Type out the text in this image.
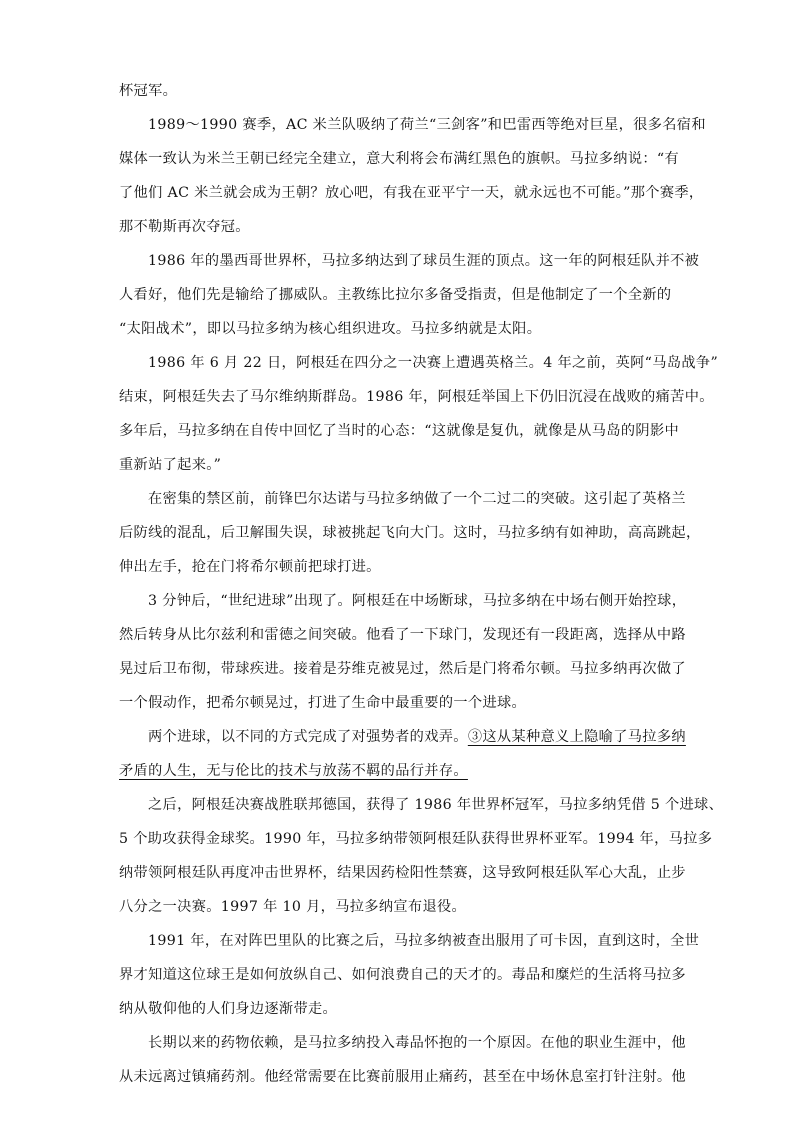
杯冠军。
1989～1990 赛季，AC 米兰队吸纳了荷兰“三剑客”和巴雷西等绝对巨星，很多名宿和
媒体一致认为米兰王朝已经完全建立，意大利将会布满红黑色的旗帜。马拉多纳说：“有
了他们 AC 米兰就会成为王朝？放心吧，有我在亚平宁一天，就永远也不可能。”那个赛季，
那不勒斯再次夺冠。
1986 年的墨西哥世界杯，马拉多纳达到了球员生涯的顶点。这一年的阿根廷队并不被
人看好，他们先是输给了挪威队。主教练比拉尔多备受指责，但是他制定了一个全新的
“太阳战术”，即以马拉多纳为核心组织进攻。马拉多纳就是太阳。
1986 年 6 月 22 日，阿根廷在四分之一决赛上遭遇英格兰。4 年之前，英阿“马岛战争”
结束，阿根廷失去了马尔维纳斯群岛。1986 年，阿根廷举国上下仍旧沉浸在战败的痛苦中。
多年后，马拉多纳在自传中回忆了当时的心态：“这就像是复仇，就像是从马岛的阴影中
重新站了起来。”
在密集的禁区前，前锋巴尔达诺与马拉多纳做了一个二过二的突破。这引起了英格兰
后防线的混乱，后卫解围失误，球被挑起飞向大门。这时，马拉多纳有如神助，高高跳起，
伸出左手，抢在门将希尔顿前把球打进。
3 分钟后，“世纪进球”出现了。阿根廷在中场断球，马拉多纳在中场右侧开始控球，
然后转身从比尔兹利和雷德之间突破。他看了一下球门，发现还有一段距离，选择从中路
晃过后卫布彻，带球疾进。接着是芬维克被晃过，然后是门将希尔顿。马拉多纳再次做了
一个假动作，把希尔顿晃过，打进了生命中最重要的一个进球。
两个进球，以不同的方式完成了对强势者的戏弄。③这从某种意义上隐喻了马拉多纳
矛盾的人生，无与伦比的技术与放荡不羁的品行并存。
之后，阿根廷决赛战胜联邦德国，获得了 1986 年世界杯冠军，马拉多纳凭借 5 个进球、
5 个助攻获得金球奖。1990 年，马拉多纳带领阿根廷队获得世界杯亚军。1994 年，马拉多
纳带领阿根廷队再度冲击世界杯，结果因药检阳性禁赛，这导致阿根廷队军心大乱，止步
八分之一决赛。1997 年 10 月，马拉多纳宣布退役。
1991 年，在对阵巴里队的比赛之后，马拉多纳被查出服用了可卡因，直到这时，全世
界才知道这位球王是如何放纵自己、如何浪费自己的天才的。毒品和糜烂的生活将马拉多
纳从敬仰他的人们身边逐渐带走。
长期以来的药物依赖，是马拉多纳投入毒品怀抱的一个原因。在他的职业生涯中，他
从未远离过镇痛药剂。他经常需要在比赛前服用止痛药，甚至在中场休息室打针注射。他
